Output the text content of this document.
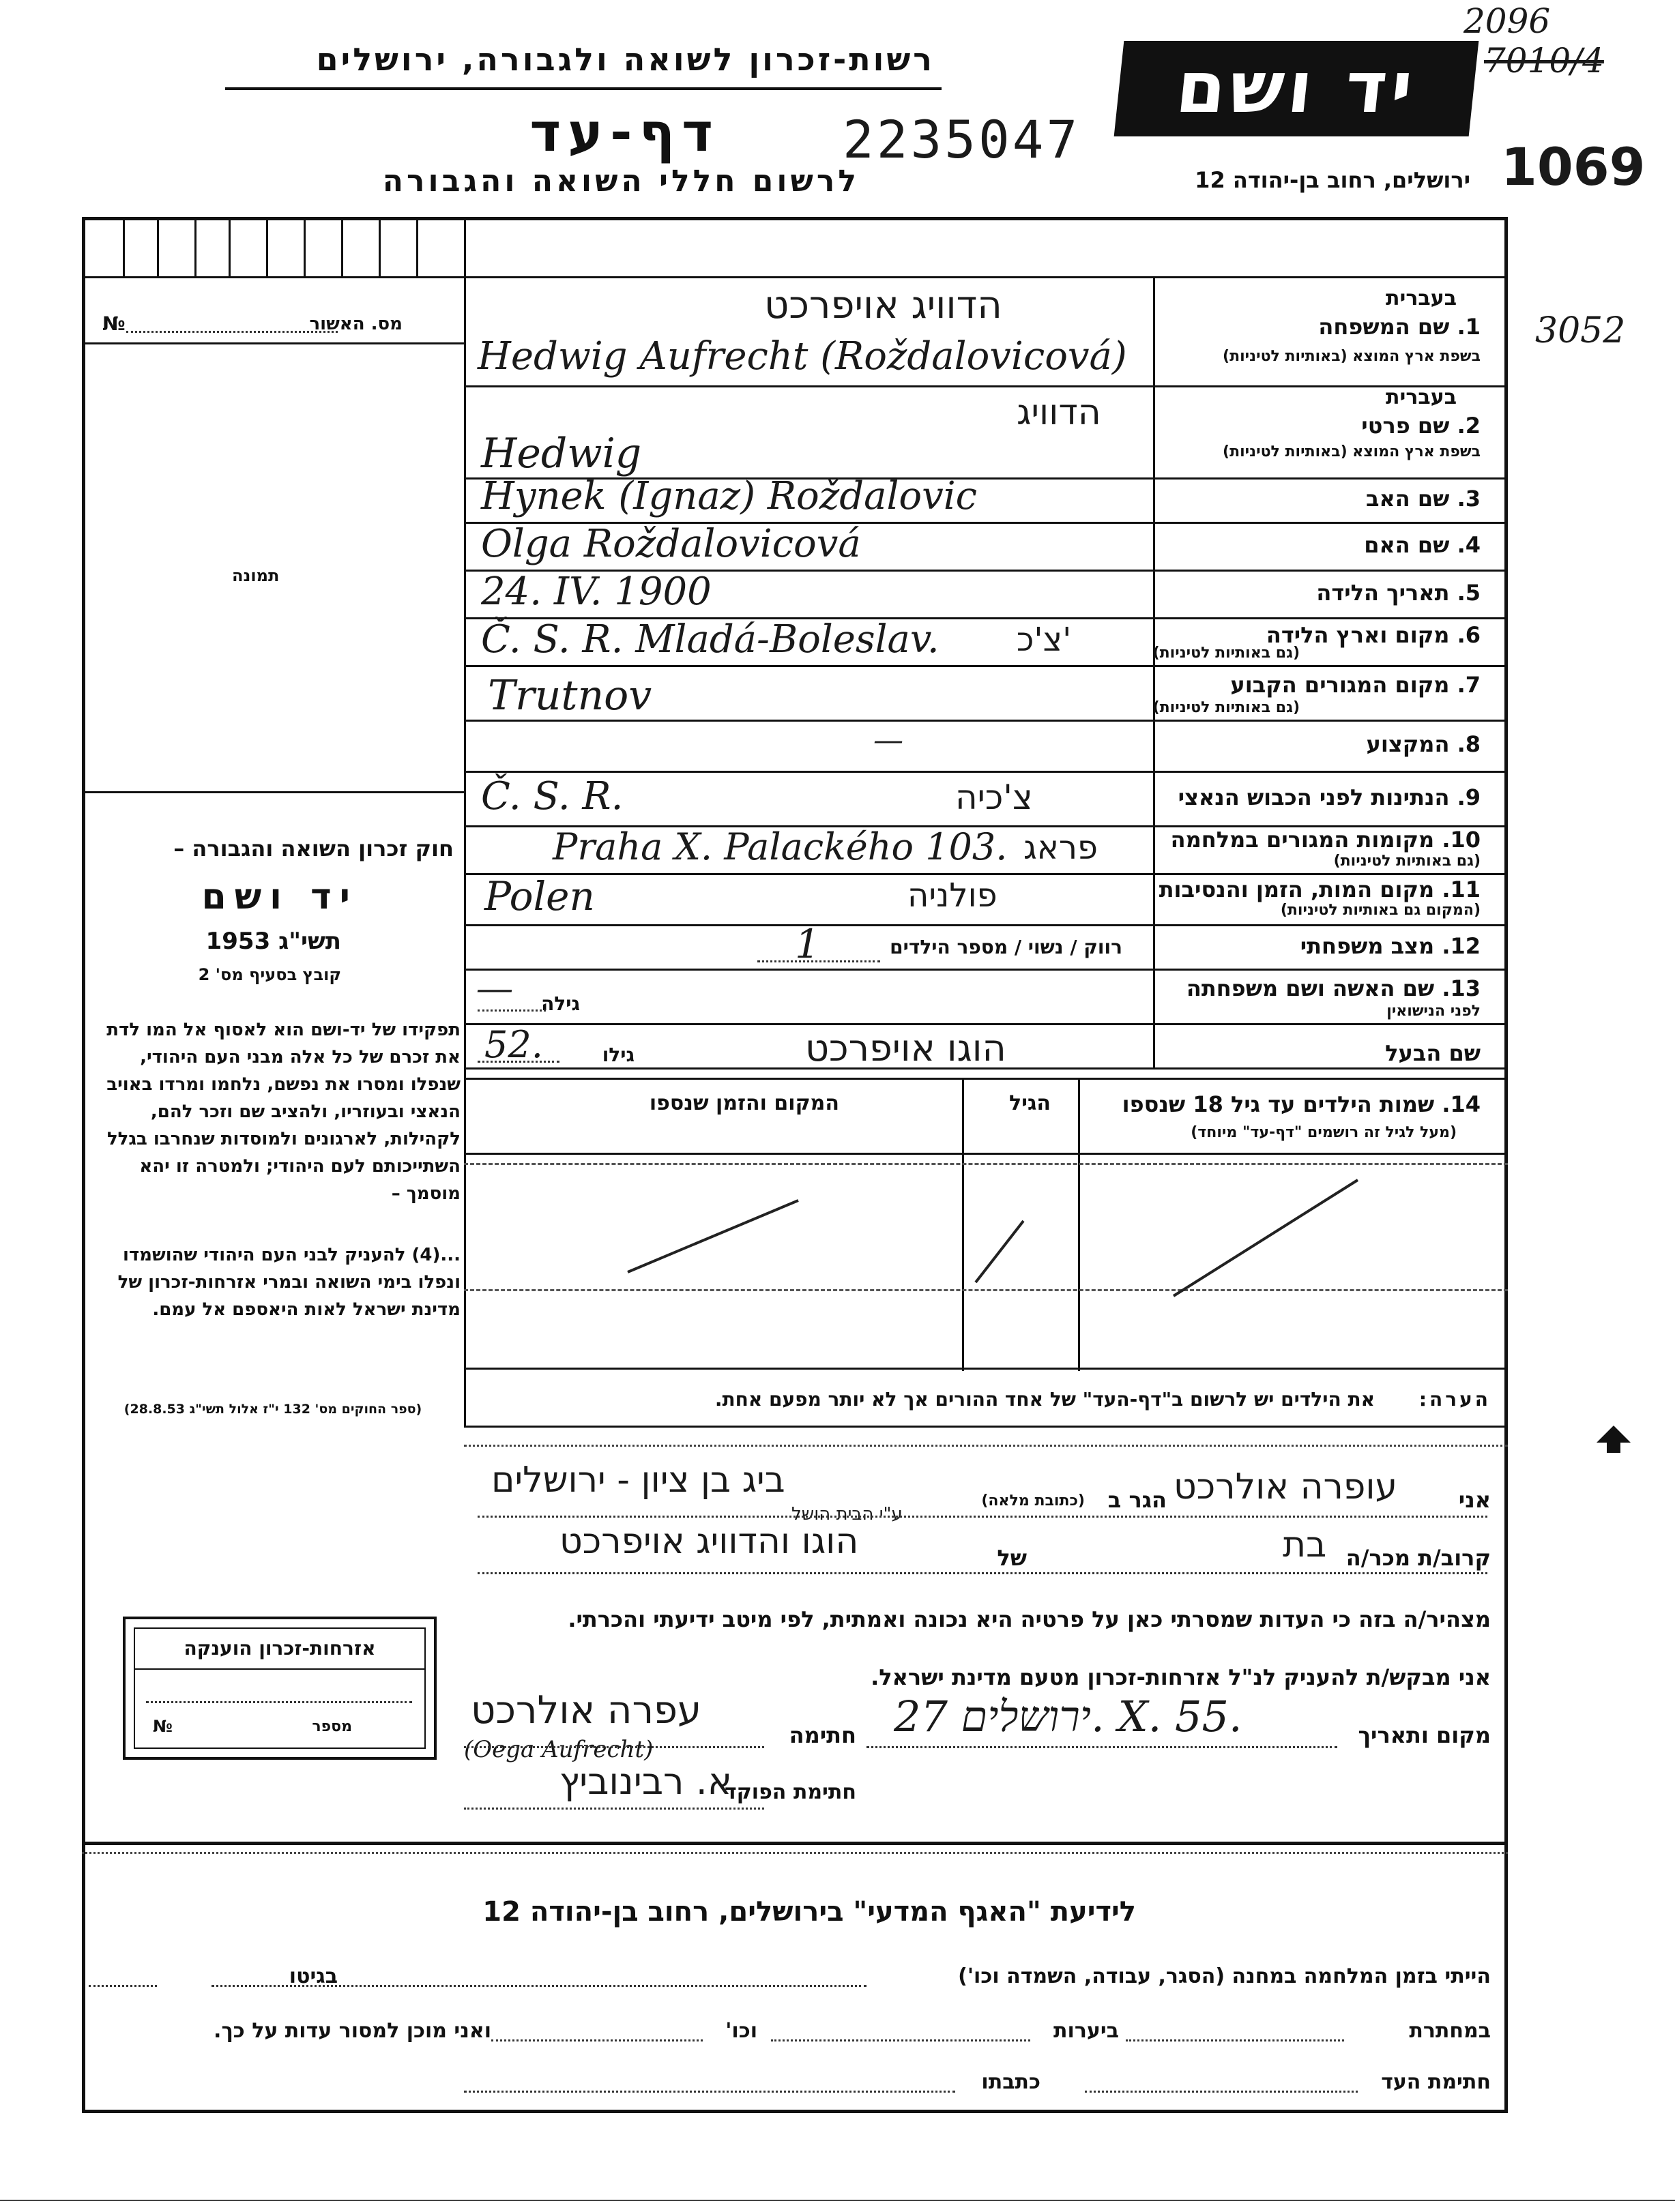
רשות-זכרון לשואה ולגבורה, ירושלים
דף-עד 2235047
לרשום חללי השואה והגבורה
יד ושם
ירושלים, רחוב בן-יהודה 12
2096
7010/4
1069
3052
מס. האשור
№
תמונה
חוק זכרון השואה והגבורה –
יד ושם
תשי"ג 1953
קובץ בסעיף מס' 2
תפקידו של יד-ושם הוא לאסוף אל המו לדת את זכרם של כל אלה מבני העם היהודי, שנפלו ומסרו את נפשם, נלחמו ומרדו באויב הנאצי ובעוזריו, ולהציב שם וזכר להם, לקהילות, לארגונים ולמוסדות שנחרבו בגלל השתייכותם לעם היהודי; ולמטרה זו יהא מוסמך –
...(4) להעניק לבני העם היהודי שהושמדו ונפלו בימי השואה ובמרי אזרחות-זכרון של מדינת ישראל לאות היאספם אל עמם.
(ספר החוקים מס' 132 י"ז אלול תשי"ג 28.8.53)
בעברית
1. שם המשפחה
בשפת ארץ המוצא (באותיות לטיניות)
הדוויג אויפרכט
Hedwig Aufrecht (Roždalovicová)
בעברית
2. שם פרטי
בשפת ארץ המוצא (באותיות לטיניות)
הדוויג
Hedwig
3. שם האב
Hynek (Ignaz) Roždalovic
4. שם האם
Olga Roždalovicová
5. תאריך הלידה
24. IV. 1900
6. מקום וארץ הלידה
(גם באותיות לטיניות)
Č. S. R. Mladá-Boleslav. צ'כ'
7. מקום המגורים הקבוע
(גם באותיות לטיניות)
Trutnov
8. המקצוע
—
9. הנתינות לפני הכבוש הנאצי
Č. S. R.	צ'כיה
10. מקומות המגורים במלחמה
(גם באותיות לטיניות)
Praha X. Palackého 103. פראג
11. מקום המות, הזמן והנסיבות
(המקום גם באותיות לטיניות)
Polen	פולניה
12. מצב משפחתי
רווק / נשוי / מספר הילדים
1
13. שם האשה ושם משפחתה
לפני הנישואין
גילה
―
שם הבעל
הוגו אויפרכט
גילו
52.
14. שמות הילדים עד גיל 18 שנספו
(מעל לגיל זה רושמים "דף-עד" מיוחד)
הגיל
המקום והזמן שנספו
הערה:
את הילדים יש לרשום ב"דף-העד" של אחד ההורים אך לא יותר מפעם אחת.
אני
עופרה אולרכט
הגר ב
(כתובת מלאה)
ביג בן ציון - ירושלים
ע"י הבית הושל
קרוב/ת מכר/ה
בת
של
הוגו והדוויג אויפרכט
מצהיר/ה בזה כי העדות שמסרתי כאן על פרטיה היא נכונה ואמתית, לפי מיטב ידיעתי והכרתי.
אני מבקש/ת להעניק לנ"ל אזרחות-זכרון מטעם מדינת ישראל.
מקום ותאריך
ירושלים 27. X. 55.
חתימה
עפרה אולרכט
(Oega Aufrecht)
חתימת הפוקד
א. רבינוביץ
אזרחות-זכרון הוענקה
מספר
№
לידיעת "האגף המדעי" בירושלים, רחוב בן-יהודה 12
הייתי בזמן המלחמה במחנה (הסגר, עבודה, השמדה וכו')
בגיטו
במחתרת
ביערות
וכו'
ואני מוכן למסור עדות על כך.
חתימת העד
כתבתו
